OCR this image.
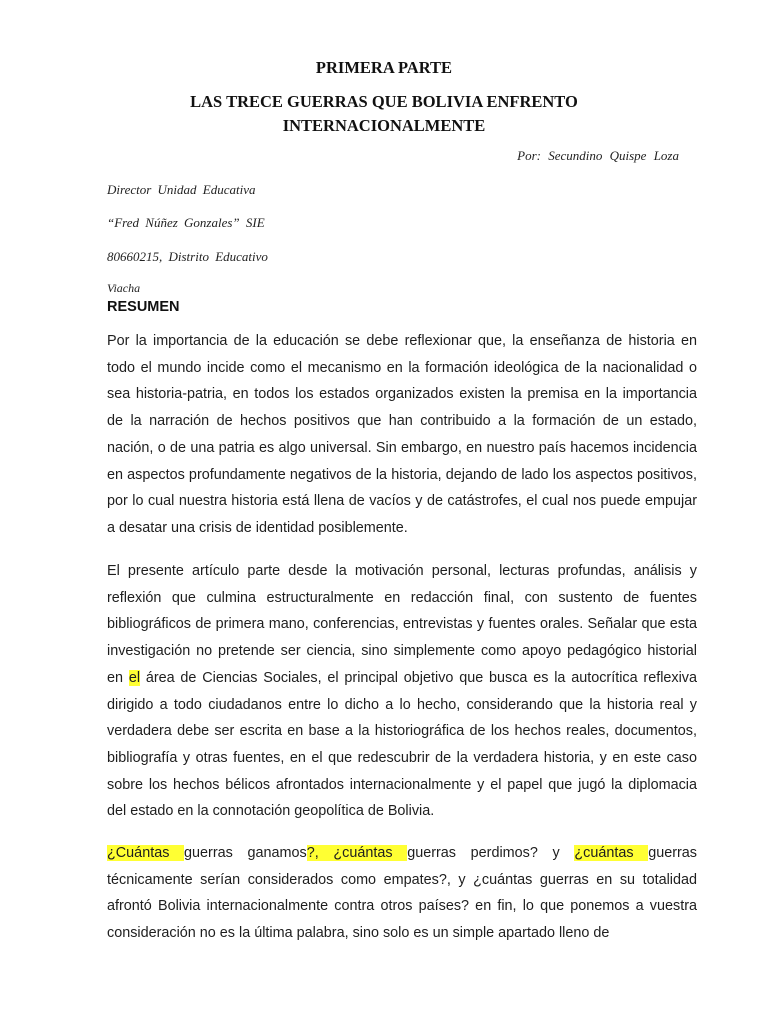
PRIMERA PARTE
LAS TRECE GUERRAS QUE BOLIVIA ENFRENTO
INTERNACIONALMENTE
Por: Secundino Quispe Loza
Director Unidad Educativa
“Fred Núñez Gonzales” SIE
80660215, Distrito Educativo
Viacha
RESUMEN

Por la importancia de la educación se debe reflexionar que, la enseñanza de historia en todo el mundo incide como el mecanismo en la formación ideológica de la nacionalidad o sea historia-patria, en todos los estados organizados existen la premisa en la importancia de la narración de hechos positivos que han contribuido a la formación de un estado, nación, o de una patria es algo universal. Sin embargo, en nuestro país hacemos incidencia en aspectos profundamente negativos de la historia, dejando de lado los aspectos positivos, por lo cual nuestra historia está llena de vacíos y de catástrofes, el cual nos puede empujar a desatar una crisis de identidad posiblemente.

El presente artículo parte desde la motivación personal, lecturas profundas, análisis y reflexión que culmina estructuralmente en redacción final, con sustento de fuentes bibliográficos de primera mano, conferencias, entrevistas y fuentes orales. Señalar que esta investigación no pretende ser ciencia, sino simplemente como apoyo pedagógico historial en el área de Ciencias Sociales, el principal objetivo que busca es la autocrítica reflexiva dirigido a todo ciudadanos entre lo dicho a lo hecho, considerando que la historia real y verdadera debe ser escrita en base a la historiográfica de los hechos reales, documentos, bibliografía y otras fuentes, en el que redescubrir de la verdadera historia, y en este caso sobre los hechos bélicos afrontados internacionalmente y el papel que jugó la diplomacia del estado en la connotación geopolítica de Bolivia.

¿Cuántas guerras ganamos?, ¿cuántas guerras perdimos? y ¿cuántas guerras técnicamente serían considerados como empates?, y ¿cuántas guerras en su totalidad afrontó Bolivia internacionalmente contra otros países? en fin, lo que ponemos a vuestra consideración no es la última palabra, sino solo es un simple apartado lleno de
